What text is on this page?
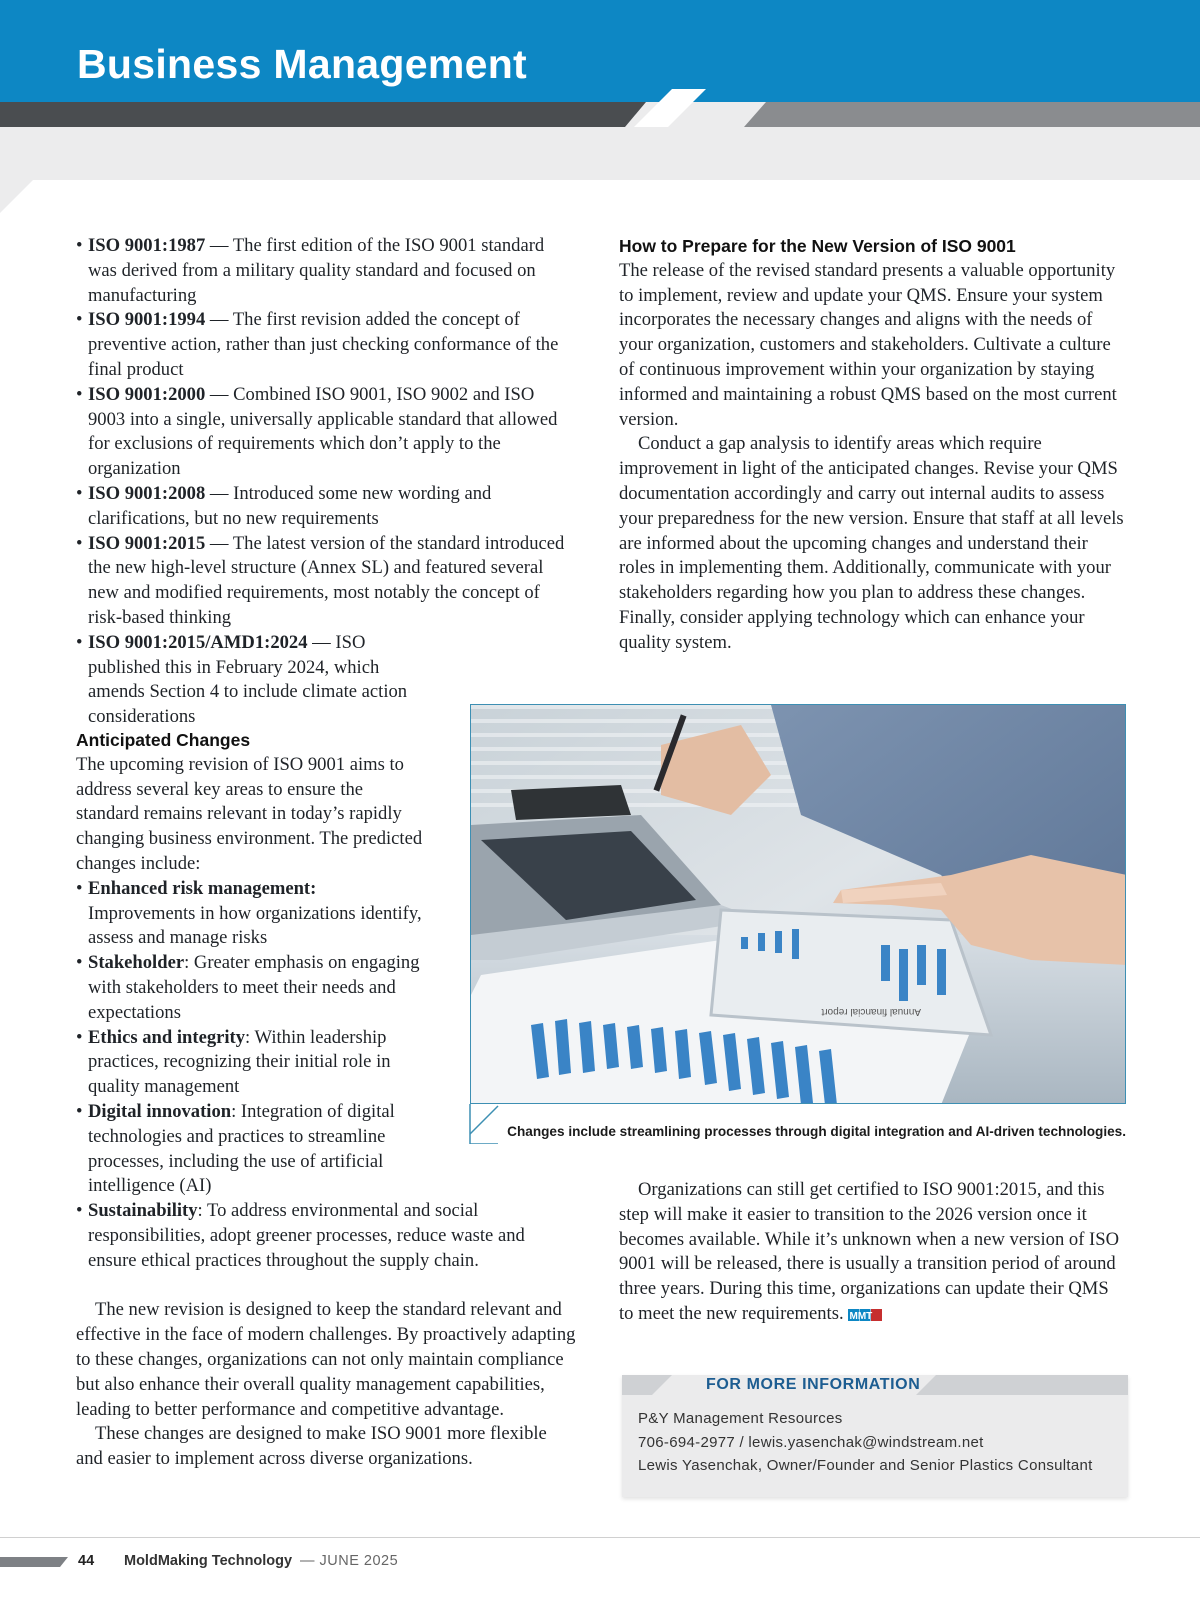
Business Management
• ISO 9001:1987 — The first edition of the ISO 9001 standard was derived from a military quality standard and focused on manufacturing
• ISO 9001:1994 — The first revision added the concept of preventive action, rather than just checking conformance of the final product
• ISO 9001:2000 — Combined ISO 9001, ISO 9002 and ISO 9003 into a single, universally applicable standard that allowed for exclusions of requirements which don’t apply to the organization
• ISO 9001:2008 — Introduced some new wording and clarifications, but no new requirements
• ISO 9001:2015 — The latest version of the standard introduced the new high-level structure (Annex SL) and featured several new and modified requirements, most notably the concept of risk-based thinking
• ISO 9001:2015/AMD1:2024 — ISO published this in February 2024, which amends Section 4 to include climate action considerations
Anticipated Changes

The upcoming revision of ISO 9001 aims to address several key areas to ensure the standard remains relevant in today’s rapidly changing business environment. The predicted changes include:

• Enhanced risk management: Improvements in how organizations identify, assess and manage risks
• Stakeholder: Greater emphasis on engaging with stakeholders to meet their needs and expectations
• Ethics and integrity: Within leadership practices, recognizing their initial role in quality management
• Digital innovation: Integration of digital technologies and practices to streamline processes, including the use of artificial intelligence (AI)
• Sustainability: To address environmental and social responsibilities, adopt greener processes, reduce waste and ensure ethical practices throughout the supply chain.

The new revision is designed to keep the standard relevant and effective in the face of modern challenges. By proactively adapting to these changes, organizations can not only maintain compliance but also enhance their overall quality management capabilities, leading to better performance and competitive advantage.

These changes are designed to make ISO 9001 more flexible and easier to implement across diverse organizations.

How to Prepare for the New Version of ISO 9001

The release of the revised standard presents a valuable opportunity to implement, review and update your QMS. Ensure your system incorporates the necessary changes and aligns with the needs of your organization, customers and stakeholders. Cultivate a culture of continuous improvement within your organization by staying informed and maintaining a robust QMS based on the most current version.

Conduct a gap analysis to identify areas which require improvement in light of the anticipated changes. Revise your QMS documentation accordingly and carry out internal audits to assess your preparedness for the new version. Ensure that staff at all levels are informed about the upcoming changes and understand their roles in implementing them. Additionally, communicate with your stakeholders regarding how you plan to address these changes. Finally, consider applying technology which can enhance your quality system.

Annual financial report
Changes include streamlining processes through digital integration and AI-driven technologies.

Organizations can still get certified to ISO 9001:2015, and this step will make it easier to transition to the 2026 version once it becomes available. While it’s unknown when a new version of ISO 9001 will be released, there is usually a transition period of around three years. During this time, organizations can update their QMS to meet the new requirements. MMT

FOR MORE INFORMATION
P&Y Management Resources
706-694-2977 / lewis.yasenchak@windstream.net
Lewis Yasenchak, Owner/Founder and Senior Plastics Consultant
44 MoldMaking Technology — JUNE 2025
